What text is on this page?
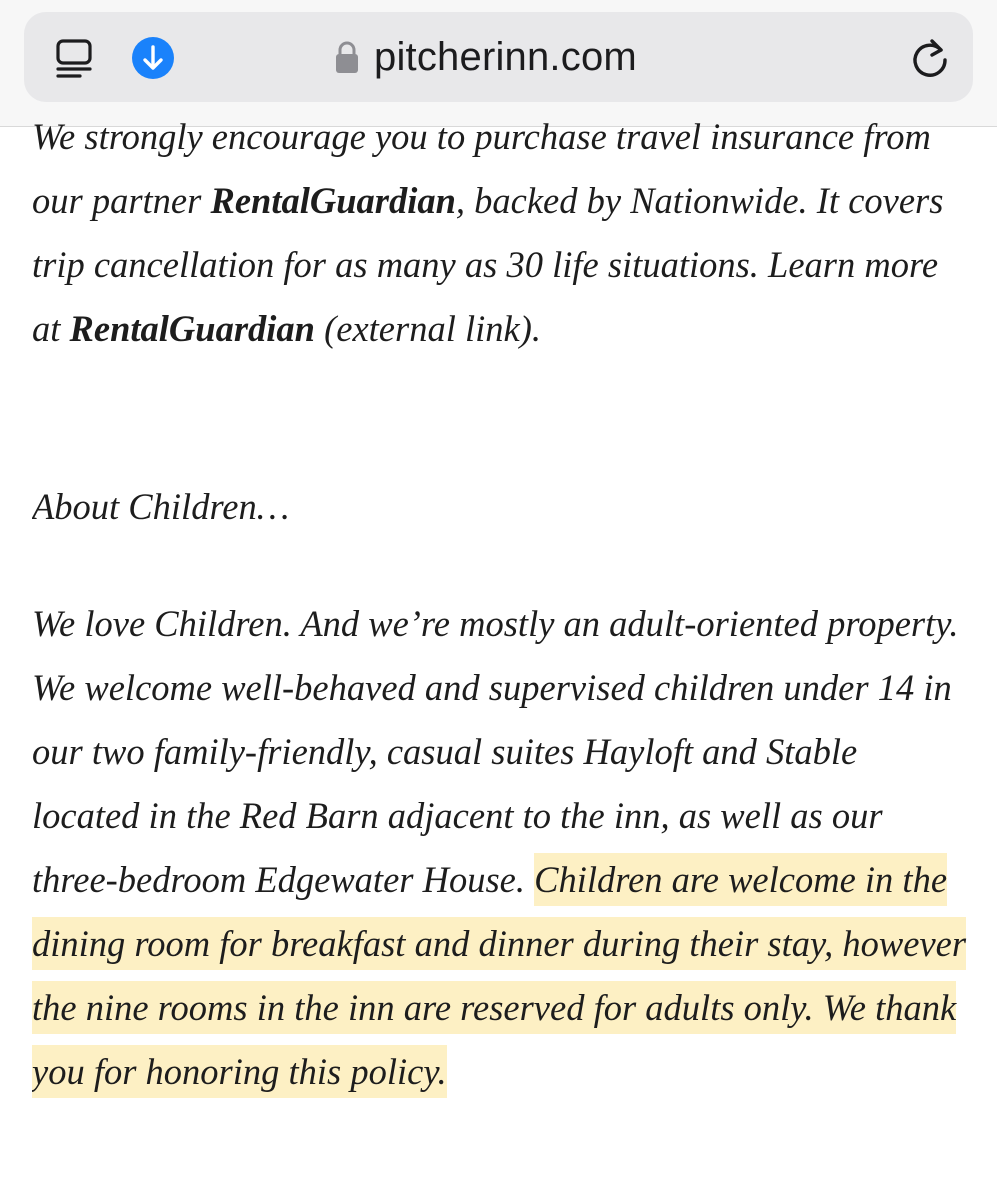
pitcherinn.com

We strongly encourage you to purchase travel insurance from our partner RentalGuardian, backed by Nationwide. It covers trip cancellation for as many as 30 life situations. Learn more at RentalGuardian (external link).

About Children…

We love Children. And we’re mostly an adult-oriented property. We welcome well-behaved and supervised children under 14 in our two family-friendly, casual suites Hayloft and Stable located in the Red Barn adjacent to the inn, as well as our three-bedroom Edgewater House. Children are welcome in the dining room for breakfast and dinner during their stay, however the nine rooms in the inn are reserved for adults only. We thank you for honoring this policy.
